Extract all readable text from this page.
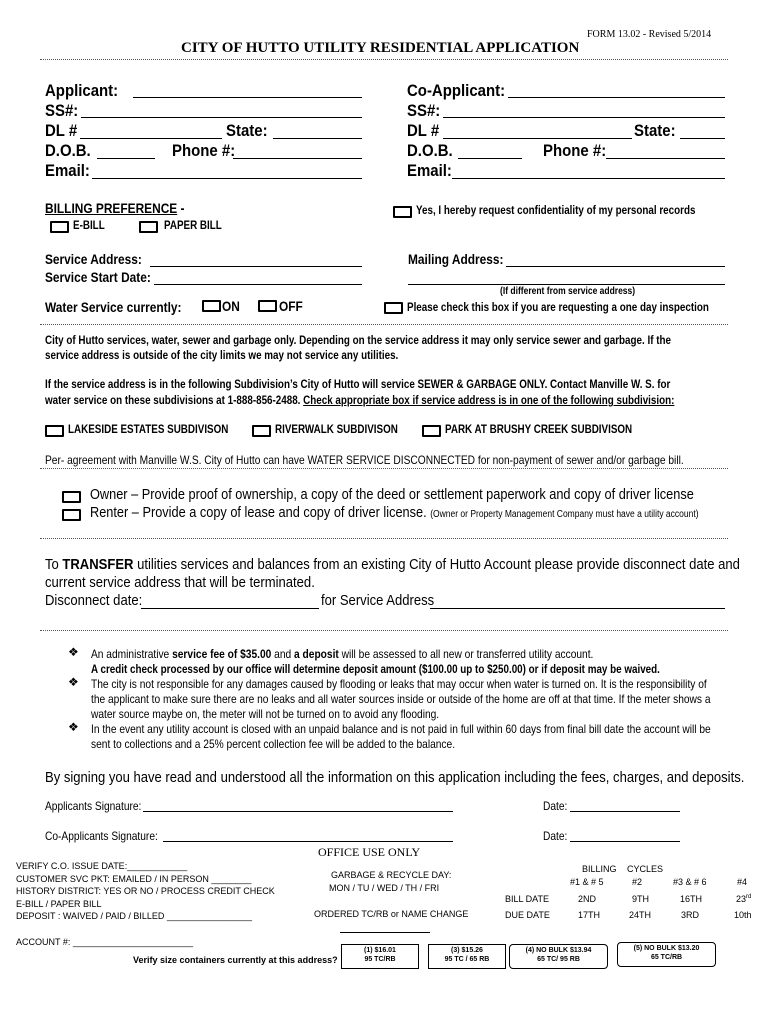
FORM 13.02 - Revised 5/2014
CITY OF HUTTO UTILITY RESIDENTIAL APPLICATION
Applicant:
SS#:
DL #	State:
D.O.B.	Phone #:
Email:
Co-Applicant:
SS#:
DL #	State:
D.O.B.	Phone #:
Email:
BILLING PREFERENCE -
E-BILL	PAPER BILL
Yes, I hereby request confidentiality of my personal records
Service Address:
Service Start Date:
Mailing Address:
(If different from service address)
Water Service currently:	ON	OFF	Please check this box if you are requesting a one day inspection
City of Hutto services, water, sewer and garbage only. Depending on the service address it may only service sewer and garbage. If the
service address is outside of the city limits we may not service any utilities.
If the service address is in the following Subdivision’s City of Hutto will service SEWER & GARBAGE ONLY. Contact Manville W. S. for
water service on these subdivisions at 1-888-856-2488. Check appropriate box if service address is in one of the following subdivision:
LAKESIDE ESTATES SUBDIVISON	RIVERWALK SUBDIVISON	PARK AT BRUSHY CREEK SUBDIVISON
Per- agreement with Manville W.S. City of Hutto can have WATER SERVICE DISCONNECTED for non-payment of sewer and/or garbage bill.
Owner – Provide proof of ownership, a copy of the deed or settlement paperwork and copy of driver license
Renter – Provide a copy of lease and copy of driver license. (Owner or Property Management Company must have a utility account)
To TRANSFER utilities services and balances from an existing City of Hutto Account please provide disconnect date and
current service address that will be terminated.
Disconnect date:	for Service Address
❖ An administrative service fee of $35.00 and a deposit will be assessed to all new or transferred utility account.
A credit check processed by our office will determine deposit amount ($100.00 up to $250.00) or if deposit may be waived.
❖ The city is not responsible for any damages caused by flooding or leaks that may occur when water is turned on. It is the responsibility of
the applicant to make sure there are no leaks and all water sources inside or outside of the home are off at that time. If the meter shows a
water source maybe on, the meter will not be turned on to avoid any flooding.
❖ In the event any utility account is closed with an unpaid balance and is not paid in full within 60 days from final bill date the account will be
sent to collections and a 25% percent collection fee will be added to the balance.
By signing you have read and understood all the information on this application including the fees, charges, and deposits.
Applicants Signature:	Date:
Co-Applicants Signature:	Date:
OFFICE USE ONLY
VERIFY C.O. ISSUE DATE:____________
CUSTOMER SVC PKT: EMAILED / IN PERSON ________
HISTORY DISTRICT: YES OR NO / PROCESS CREDIT CHECK
E-BILL / PAPER BILL
DEPOSIT : WAIVED / PAID / BILLED _________________
ACCOUNT #: ________________________
GARBAGE & RECYCLE DAY:
MON / TU / WED / TH / FRI
ORDERED TC/RB or NAME CHANGE
Verify size containers currently at this address?
BILLING CYCLES
#1 & # 5	#2	#3 & # 6	#4
BILL DATE	2ND	9TH	16TH	23rd
DUE DATE	17TH	24TH	3RD	10th
(1) $16.01
95 TC/RB
(3) $15.26
95 TC / 65 RB
(4) NO BULK $13.94
65 TC/ 95 RB
(5) NO BULK $13.20
65 TC/RB
